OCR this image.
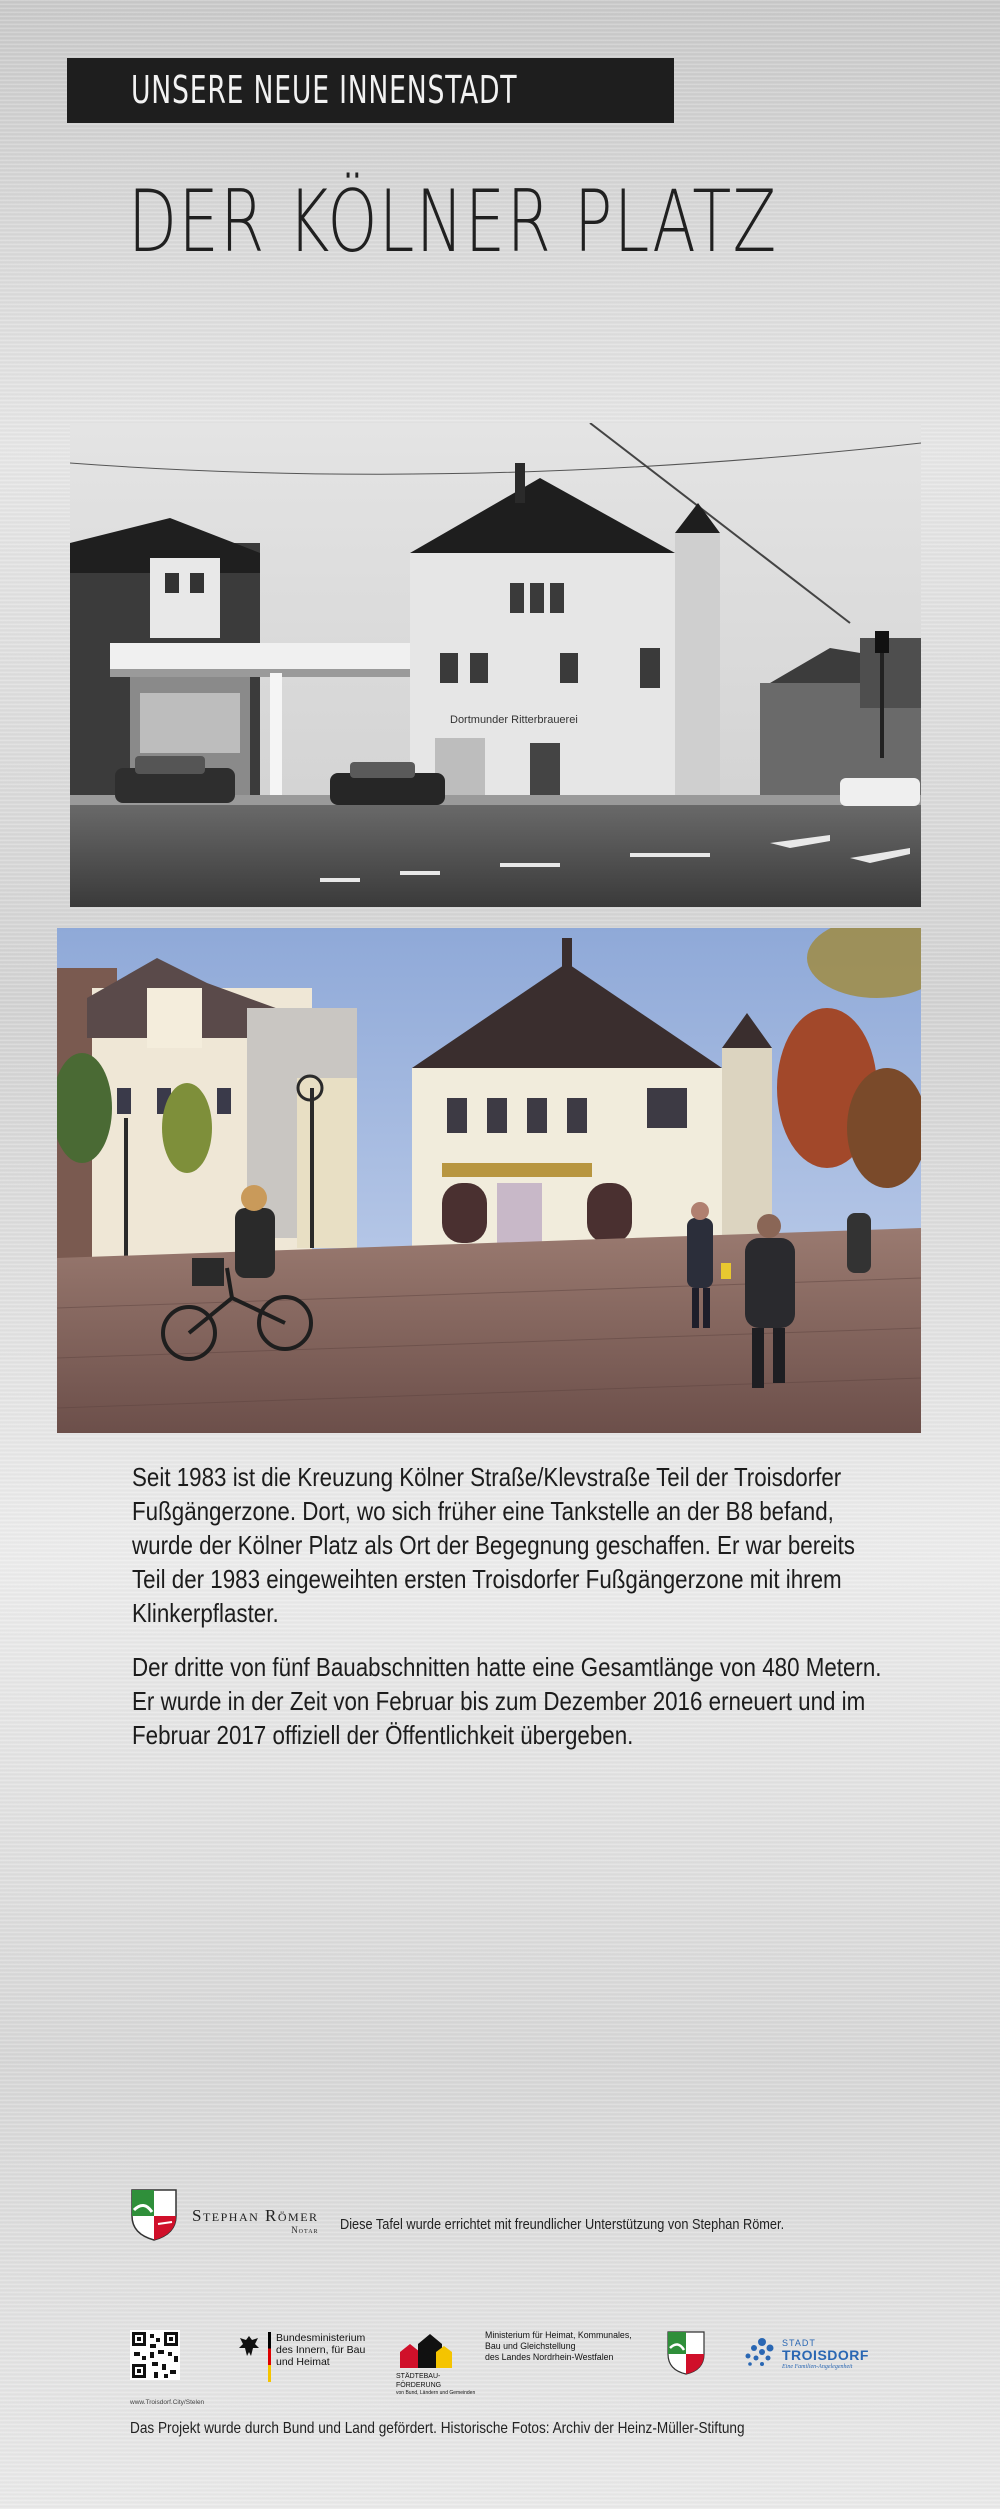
UNSERE NEUE INNENSTADT
DER KÖLNER PLATZ
Dortmunder Ritterbrauerei

Seit 1983 ist die Kreuzung Kölner Straße/Klevstraße Teil der Troisdorfer Fußgängerzone. Dort, wo sich früher eine Tankstelle an der B8 befand, wurde der Kölner Platz als Ort der Begegnung geschaffen. Er war bereits Teil der 1983 eingeweihten ersten Troisdorfer Fußgängerzone mit ihrem Klinkerpflaster.

Der dritte von fünf Bauabschnitten hatte eine Gesamtlänge von 480 Metern. Er wurde in der Zeit von Februar bis zum Dezember 2016 erneuert und im Februar 2017 offiziell der Öffentlichkeit übergeben.

Stephan Römer
Notar Diese Tafel wurde errichtet mit freundlicher Unterstützung von Stephan Römer.
www.Troisdorf.City/Stelen
Bundesministerium
des Innern, für Bau
und Heimat
STÄDTEBAU-
FÖRDERUNG
von Bund, Ländern und Gemeinden
Ministerium für Heimat, Kommunales,
Bau und Gleichstellung
des Landes Nordrhein-Westfalen
STADT
TROISDORF
Eine Familien-Angelegenheit
Das Projekt wurde durch Bund und Land gefördert. Historische Fotos: Archiv der Heinz-Müller-Stiftung
